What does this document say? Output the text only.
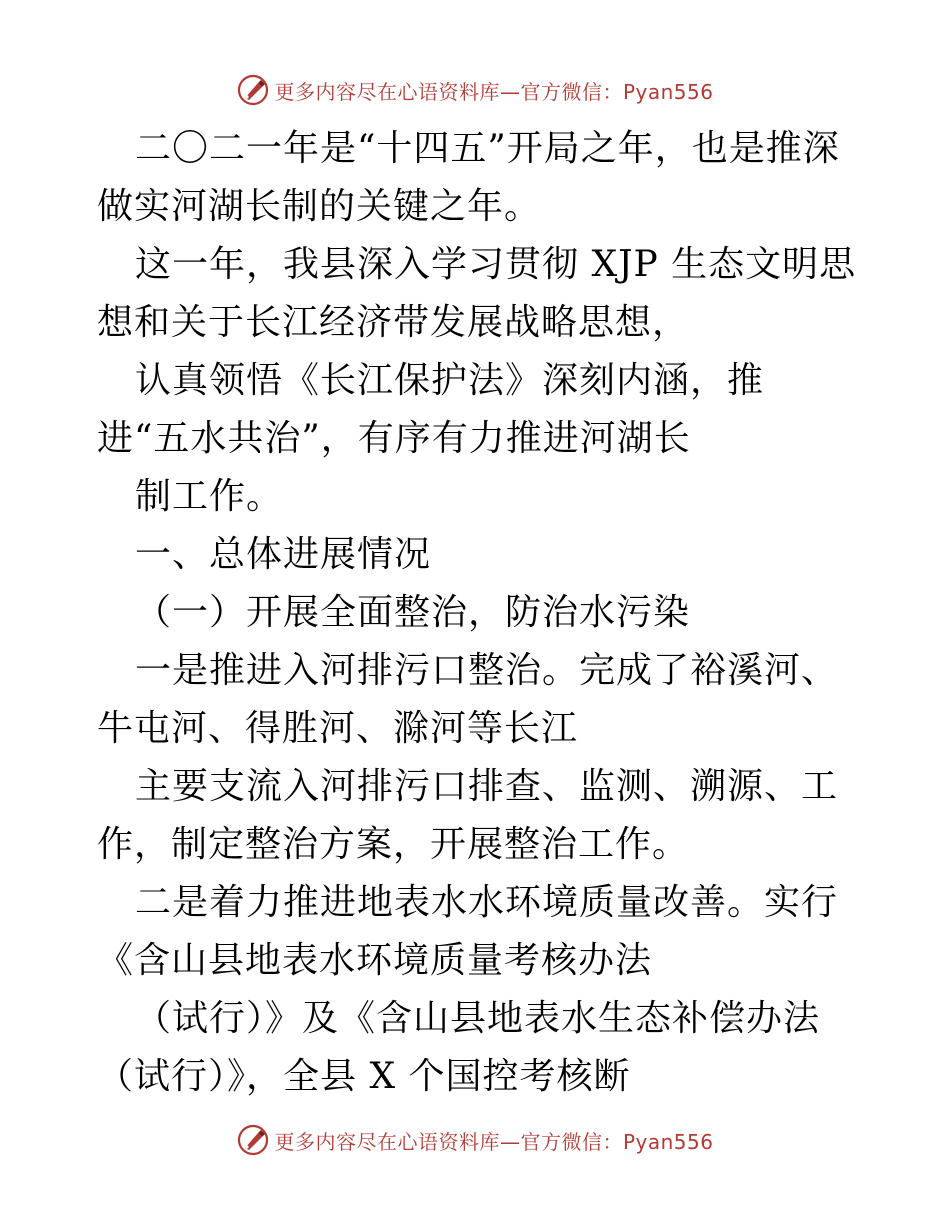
更多内容尽在心语资料库—官方微信：Pyan556

二〇二一年是“十四五”开局之年，也是推深做实河湖长制的关键之年。

这一年，我县深入学习贯彻 XJP 生态文明思想和关于长江经济带发展战略思想，

认真领悟《长江保护法》深刻内涵，推进“五水共治”，有序有力推进河湖长

制工作。

一、总体进展情况

（一）开展全面整治，防治水污染

一是推进入河排污口整治。完成了裕溪河、牛屯河、得胜河、滁河等长江

主要支流入河排污口排查、监测、溯源、工作，制定整治方案，开展整治工作。

二是着力推进地表水水环境质量改善。实行《含山县地表水环境质量考核办法

（试行）》及《含山县地表水生态补偿办法（试行）》，全县 X 个国控考核断

更多内容尽在心语资料库—官方微信：Pyan556
